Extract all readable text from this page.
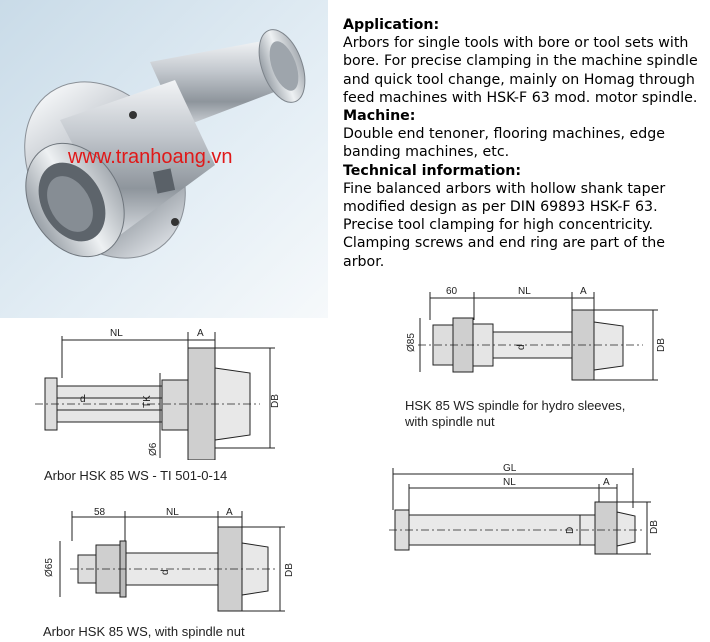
www.tranhoang.vn
Application:

Arbors for single tools with bore or tool sets with bore. For precise clamping in the machine spindle and quick tool change, mainly on Homag through feed machines with HSK-F 63 mod. motor spindle.

Machine:

Double end tenoner, flooring machines, edge banding machines, etc.

Technical information:

Fine balanced arbors with hollow shank taper modified design as per DIN 69893 HSK-F 63. Precise tool clamping for high concentricity. Clamping screws and end ring are part of the arbor.

NL	A
d	TK	DB
Ø6
Arbor HSK 85 WS - TI 501-0-14
60	NL	A
Ø85	d	DB
HSK 85 WS spindle for hydro sleeves,
with spindle nut
58	NL	A
Ø65	d	DB
Arbor HSK 85 WS, with spindle nut
GL
NL	A
D	DB
